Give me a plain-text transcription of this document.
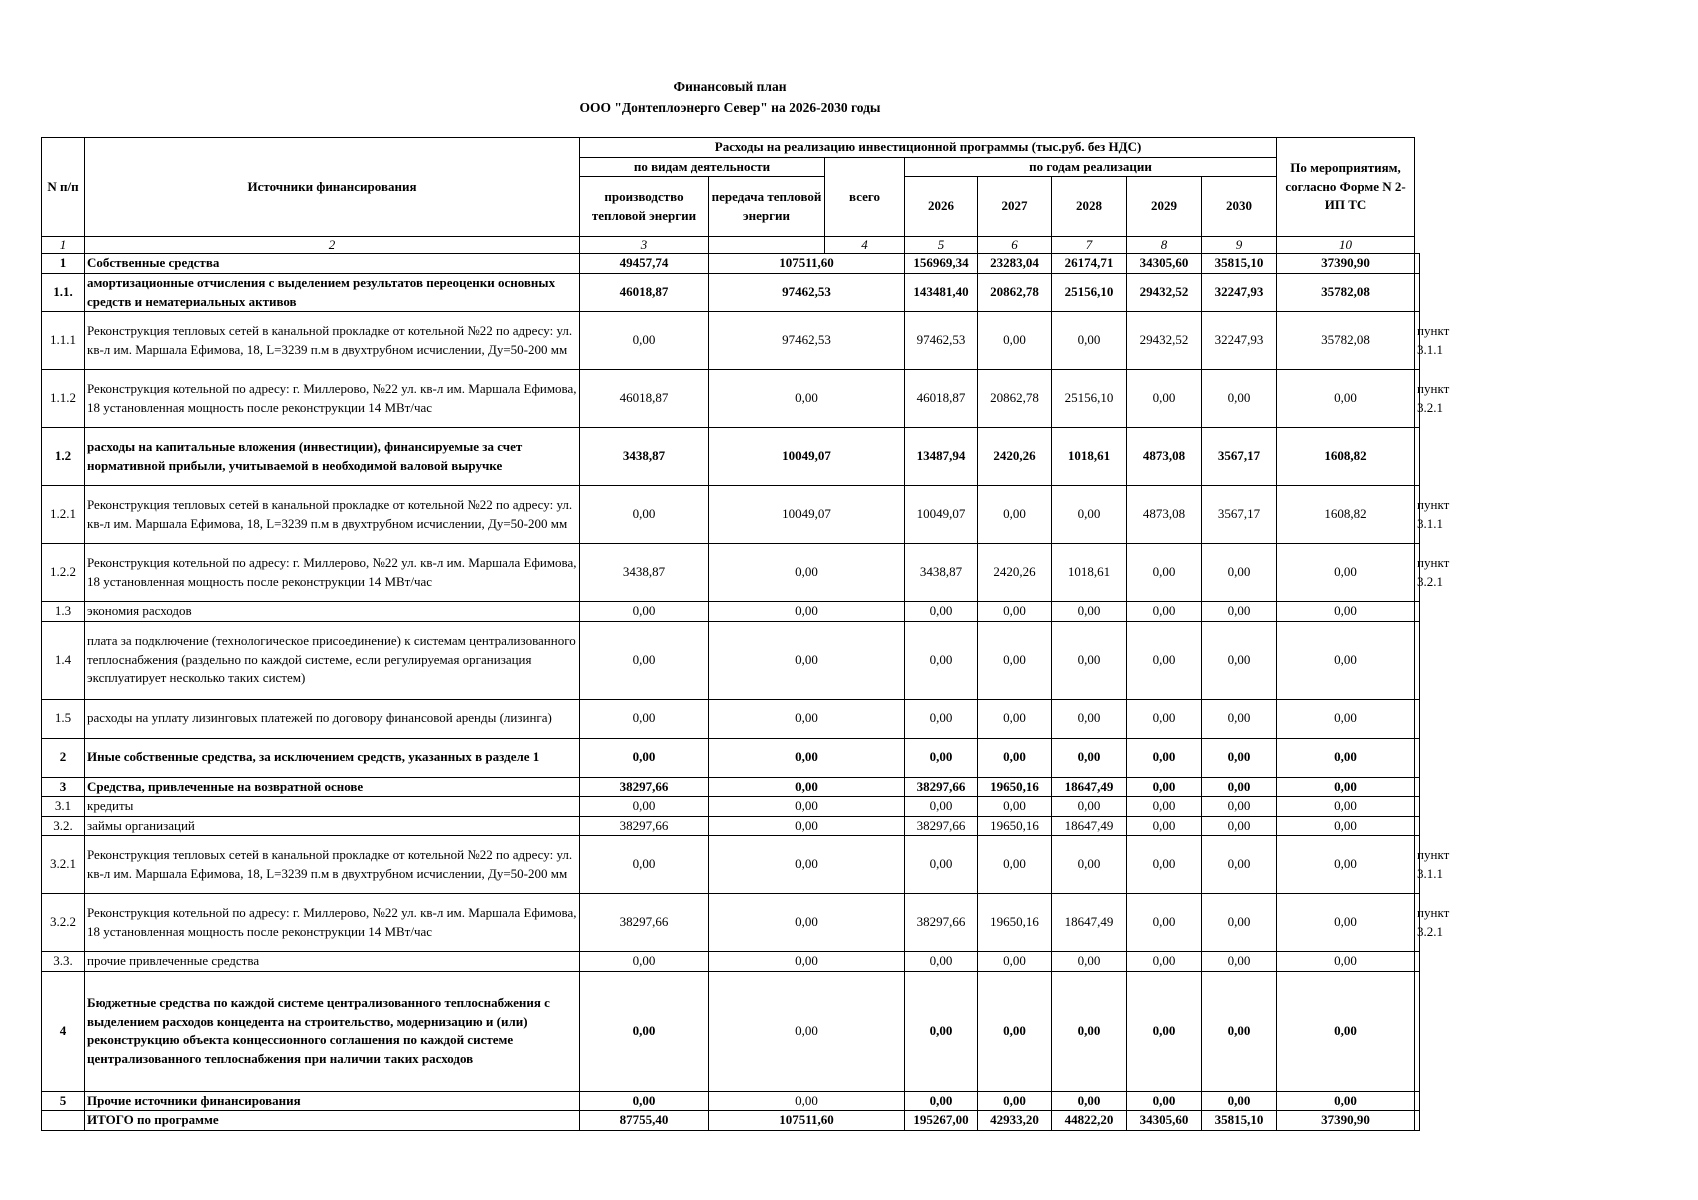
Финансовый план
ООО "Донтеплоэнерго Север" на 2026-2030 годы
N п/п	Источники финансирования	Расходы на реализацию инвестиционной программы (тыс.руб. без НДС)								По мероприятиям, согласно Форме N 2-ИП ТС	
		по видам деятельности		всего	по годам реализации						
		производство тепловой энергии	передача тепловой энергии		2026	2027	2028	2029	2030		
1	2	3		4	5	6	7	8	9	10	
1	Собственные средства	49457,74	107511,60		156969,34	23283,04	26174,71	34305,60	35815,10	37390,90	
1.1.	амортизационные отчисления с выделением результатов переоценки основных средств и нематериальных активов	46018,87	97462,53		143481,40	20862,78	25156,10	29432,52	32247,93	35782,08	
1.1.1	Реконструкция тепловых сетей в канальной прокладке от котельной №22 по адресу: ул. кв-л им. Маршала Ефимова, 18, L=3239 п.м в двухтрубном исчислении, Ду=50-200 мм	0,00	97462,53		97462,53	0,00	0,00	29432,52	32247,93	35782,08	пункт 3.1.1
1.1.2	Реконструкция котельной по адресу: г. Миллерово, №22 ул. кв-л им. Маршала Ефимова, 18 установленная мощность после реконструкции 14 МВт/час	46018,87	0,00		46018,87	20862,78	25156,10	0,00	0,00	0,00	пункт 3.2.1
1.2	расходы на капитальные вложения (инвестиции), финансируемые за счет нормативной прибыли, учитываемой в необходимой валовой выручке	3438,87	10049,07		13487,94	2420,26	1018,61	4873,08	3567,17	1608,82	
1.2.1	Реконструкция тепловых сетей в канальной прокладке от котельной №22 по адресу: ул. кв-л им. Маршала Ефимова, 18, L=3239 п.м в двухтрубном исчислении, Ду=50-200 мм	0,00	10049,07		10049,07	0,00	0,00	4873,08	3567,17	1608,82	пункт 3.1.1
1.2.2	Реконструкция котельной по адресу: г. Миллерово, №22 ул. кв-л им. Маршала Ефимова, 18 установленная мощность после реконструкции 14 МВт/час	3438,87	0,00		3438,87	2420,26	1018,61	0,00	0,00	0,00	пункт 3.2.1
1.3	экономия расходов	0,00	0,00		0,00	0,00	0,00	0,00	0,00	0,00	
1.4	плата за подключение (технологическое присоединение) к системам централизованного теплоснабжения (раздельно по каждой системе, если регулируемая организация эксплуатирует несколько таких систем)	0,00	0,00		0,00	0,00	0,00	0,00	0,00	0,00	
1.5	расходы на уплату лизинговых платежей по договору финансовой аренды (лизинга)	0,00	0,00		0,00	0,00	0,00	0,00	0,00	0,00	
2	Иные собственные средства, за исключением средств, указанных в разделе 1	0,00	0,00		0,00	0,00	0,00	0,00	0,00	0,00	
3	Средства, привлеченные на возвратной основе	38297,66	0,00		38297,66	19650,16	18647,49	0,00	0,00	0,00	
3.1	кредиты	0,00	0,00		0,00	0,00	0,00	0,00	0,00	0,00	
3.2.	займы организаций	38297,66	0,00		38297,66	19650,16	18647,49	0,00	0,00	0,00	
3.2.1	Реконструкция тепловых сетей в канальной прокладке от котельной №22 по адресу: ул. кв-л им. Маршала Ефимова, 18, L=3239 п.м в двухтрубном исчислении, Ду=50-200 мм	0,00	0,00		0,00	0,00	0,00	0,00	0,00	0,00	пункт 3.1.1
3.2.2	Реконструкция котельной по адресу: г. Миллерово, №22 ул. кв-л им. Маршала Ефимова, 18 установленная мощность после реконструкции 14 МВт/час	38297,66	0,00		38297,66	19650,16	18647,49	0,00	0,00	0,00	пункт 3.2.1
3.3.	прочие привлеченные средства	0,00	0,00		0,00	0,00	0,00	0,00	0,00	0,00	
4	Бюджетные средства по каждой системе централизованного теплоснабжения с выделением расходов концедента на строительство, модернизацию и (или) реконструкцию объекта концессионного соглашения по каждой системе централизованного теплоснабжения при наличии таких расходов	0,00	0,00		0,00	0,00	0,00	0,00	0,00	0,00	
5	Прочие источники финансирования	0,00	0,00		0,00	0,00	0,00	0,00	0,00	0,00	
	ИТОГО по программе	87755,40	107511,60		195267,00	42933,20	44822,20	34305,60	35815,10	37390,90	
